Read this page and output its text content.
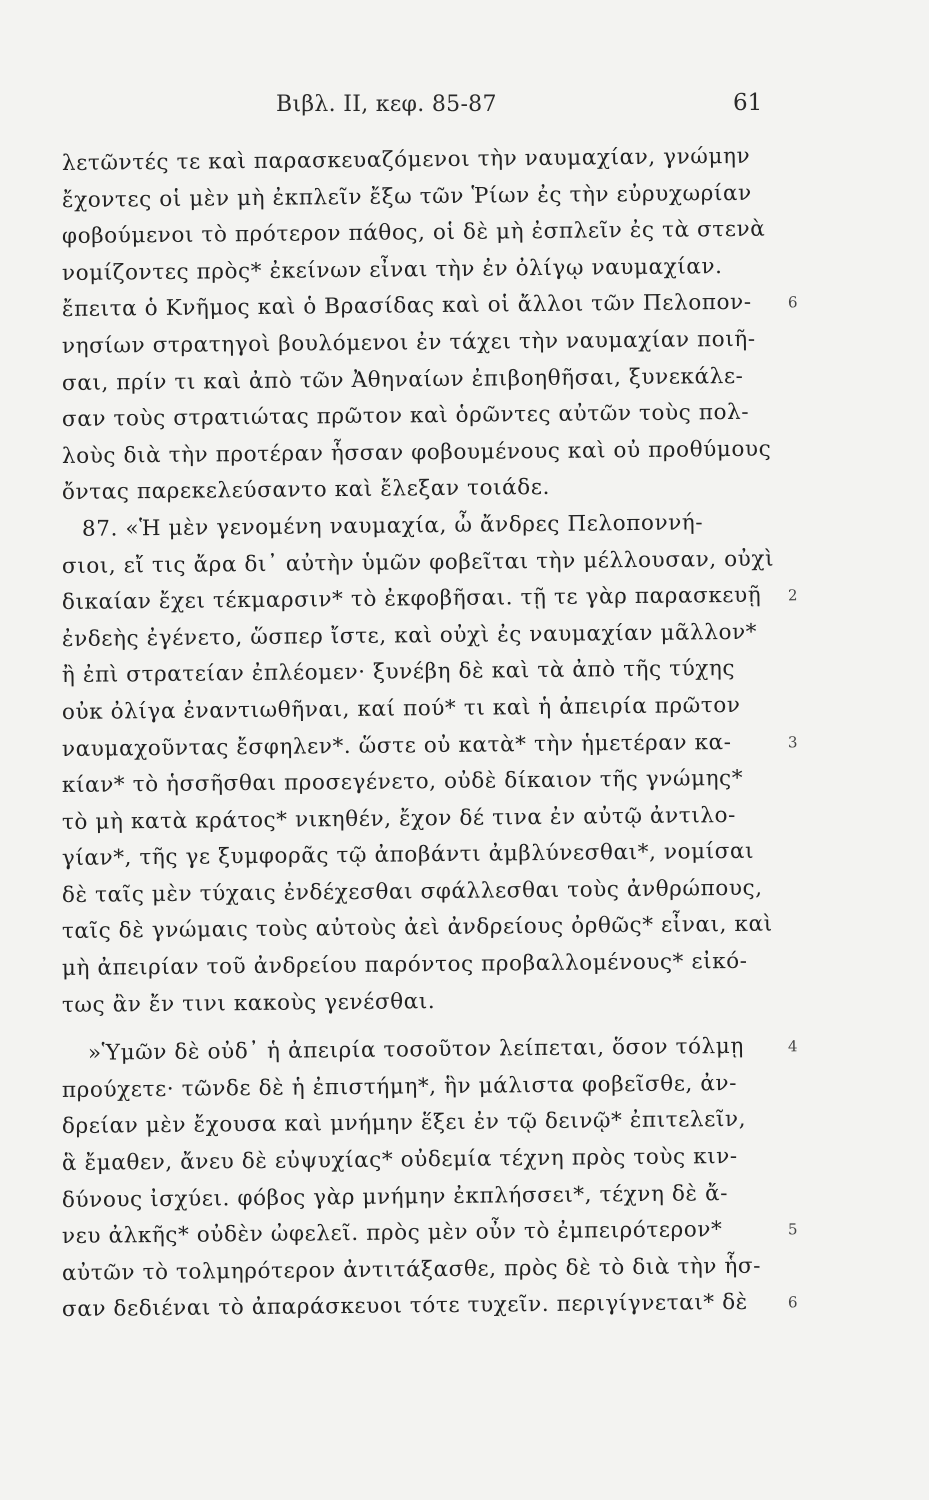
Βιβλ. II, κεφ. 85-87	61
λετῶντές τε καὶ παρασκευαζόμενοι τὴν ναυμαχίαν, γνώμην
ἔχοντες οἱ μὲν μὴ ἐκπλεῖν ἔξω τῶν Ῥίων ἐς τὴν εὐρυχωρίαν
φοβούμενοι τὸ πρότερον πάθος, οἱ δὲ μὴ ἐσπλεῖν ἐς τὰ στενὰ
νομίζοντες πρὸς* ἐκείνων εἶναι τὴν ἐν ὀλίγῳ ναυμαχίαν.
ἔπειτα ὁ Κνῆμος καὶ ὁ Βρασίδας καὶ οἱ ἄλλοι τῶν Πελοπον- 6
νησίων στρατηγοὶ βουλόμενοι ἐν τάχει τὴν ναυμαχίαν ποιῆ-
σαι, πρίν τι καὶ ἀπὸ τῶν Ἀθηναίων ἐπιβοηθῆσαι, ξυνεκάλε-
σαν τοὺς στρατιώτας πρῶτον καὶ ὁρῶντες αὐτῶν τοὺς πολ-
λοὺς διὰ τὴν προτέραν ἧσσαν φοβουμένους καὶ οὐ προθύμους
ὄντας παρεκελεύσαντο καὶ ἔλεξαν τοιάδε.
87. «Ἡ μὲν γενομένη ναυμαχία, ὦ ἄνδρες Πελοποννή-
σιοι, εἴ τις ἄρα δι᾽ αὐτὴν ὑμῶν φοβεῖται τὴν μέλλουσαν, οὐχὶ
δικαίαν ἔχει τέκμαρσιν* τὸ ἐκφοβῆσαι. τῇ τε γὰρ παρασκευῇ 2
ἐνδεὴς ἐγένετο, ὥσπερ ἴστε, καὶ οὐχὶ ἐς ναυμαχίαν μᾶλλον*
ἢ ἐπὶ στρατείαν ἐπλέομεν· ξυνέβη δὲ καὶ τὰ ἀπὸ τῆς τύχης
οὐκ ὀλίγα ἐναντιωθῆναι, καί πού* τι καὶ ἡ ἀπειρία πρῶτον
ναυμαχοῦντας ἔσφηλεν*. ὥστε οὐ κατὰ* τὴν ἡμετέραν κα-	3
κίαν* τὸ ἡσσῆσθαι προσεγένετο, οὐδὲ δίκαιον τῆς γνώμης*
τὸ μὴ κατὰ κράτος* νικηθέν, ἔχον δέ τινα ἐν αὐτῷ ἀντιλο-
γίαν*, τῆς γε ξυμφορᾶς τῷ ἀποβάντι ἀμβλύνεσθαι*, νομίσαι
δὲ ταῖς μὲν τύχαις ἐνδέχεσθαι σφάλλεσθαι τοὺς ἀνθρώπους,
ταῖς δὲ γνώμαις τοὺς αὐτοὺς ἀεὶ ἀνδρείους ὀρθῶς* εἶναι, καὶ
μὴ ἀπειρίαν τοῦ ἀνδρείου παρόντος προβαλλομένους* εἰκό-
τως ἂν ἔν τινι κακοὺς γενέσθαι.
»Ὑμῶν δὲ οὐδ᾽ ἡ ἀπειρία τοσοῦτον λείπεται, ὅσον τόλμῃ	4
προύχετε· τῶνδε δὲ ἡ ἐπιστήμη*, ἣν μάλιστα φοβεῖσθε, ἀν-
δρείαν μὲν ἔχουσα καὶ μνήμην ἕξει ἐν τῷ δεινῷ* ἐπιτελεῖν,
ἃ ἔμαθεν, ἄνευ δὲ εὐψυχίας* οὐδεμία τέχνη πρὸς τοὺς κιν-
δύνους ἰσχύει. φόβος γὰρ μνήμην ἐκπλήσσει*, τέχνη δὲ ἄ-
νευ ἀλκῆς* οὐδὲν ὠφελεῖ. πρὸς μὲν οὖν τὸ ἐμπειρότερον*	5
αὐτῶν τὸ τολμηρότερον ἀντιτάξασθε, πρὸς δὲ τὸ διὰ τὴν ἧσ-
σαν δεδιέναι τὸ ἀπαράσκευοι τότε τυχεῖν. περιγίγνεται* δὲ	6
